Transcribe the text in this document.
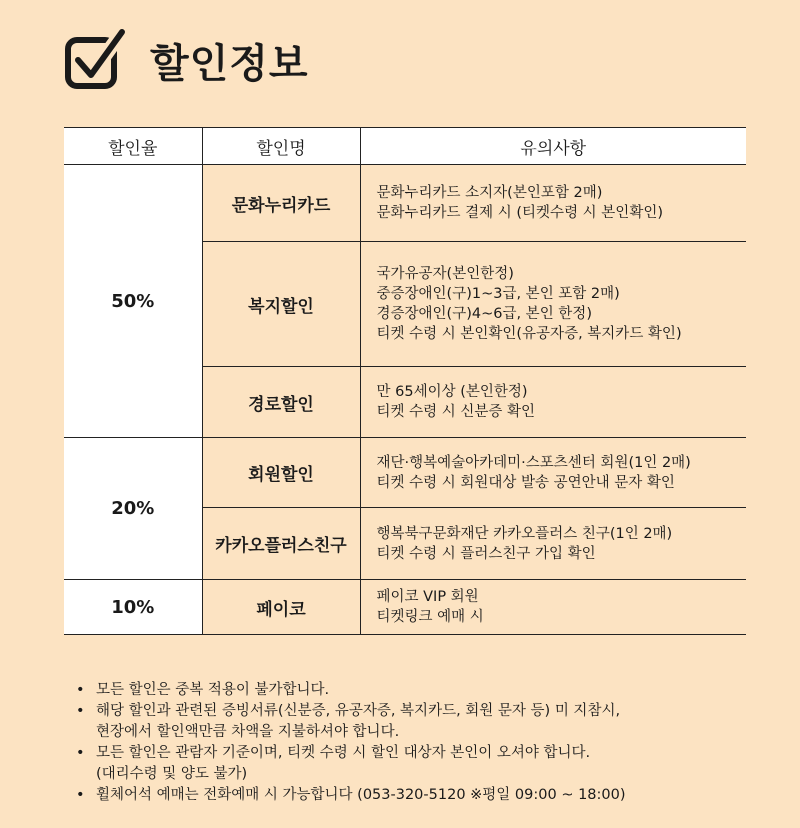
할인정보
할인율	할인명	유의사항
50%	문화누리카드	문화누리카드 소지자(본인포함 2매)
문화누리카드 결제 시 (티켓수령 시 본인확인)

	복지할인	국가유공자(본인한정)
중증장애인(구)1~3급, 본인 포함 2매)
경증장애인(구)4~6급, 본인 한정)
티켓 수령 시 본인확인(유공자증, 복지카드 확인)

	경로할인	만 65세이상 (본인한정)
티켓 수령 시 신분증 확인

20%	회원할인	재단·행복예술아카데미·스포츠센터 회원(1인 2매)
티켓 수령 시 회원대상 발송 공연안내 문자 확인

	카카오플러스친구	행복북구문화재단 카카오플러스 친구(1인 2매)
티켓 수령 시 플러스친구 가입 확인

10%	페이코	페이코 VIP 회원
티켓링크 예매 시
• 모든 할인은 중복 적용이 불가합니다.
• 해당 할인과 관련된 증빙서류(신분증, 유공자증, 복지카드, 회원 문자 등) 미 지참시,
현장에서 할인액만큼 차액을 지불하셔야 합니다.
• 모든 할인은 관람자 기준이며, 티켓 수령 시 할인 대상자 본인이 오셔야 합니다.
(대리수령 및 양도 불가)
• 휠체어석 예매는 전화예매 시 가능합니다 (053-320-5120 ※평일 09:00 ~ 18:00)
